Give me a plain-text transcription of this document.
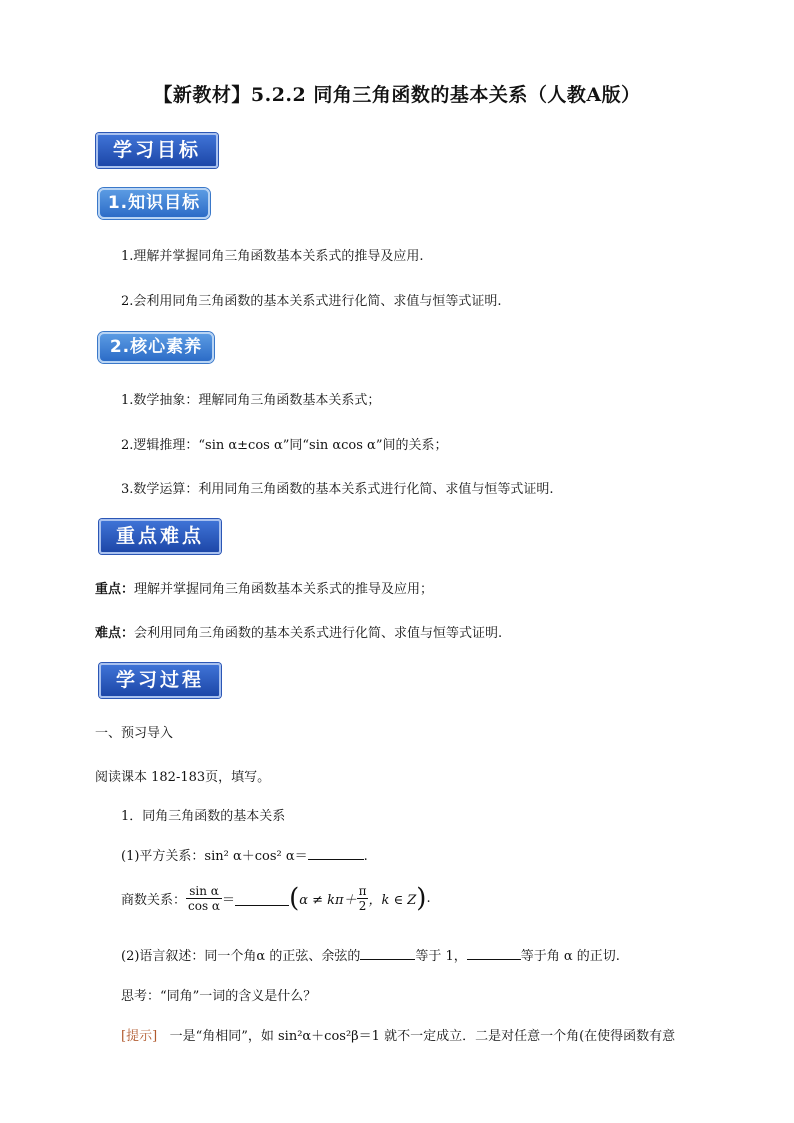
【新教材】5.2.2 同角三角函数的基本关系（人教A版）
学习目标
1.知识目标
1.理解并掌握同角三角函数基本关系式的推导及应用.
2.会利用同角三角函数的基本关系式进行化简、求值与恒等式证明.
2.核心素养
1.数学抽象：理解同角三角函数基本关系式；
2.逻辑推理：“sin α±cos α”同“sin αcos α”间的关系；
3.数学运算：利用同角三角函数的基本关系式进行化简、求值与恒等式证明.
重点难点
重点：理解并掌握同角三角函数基本关系式的推导及应用；
难点：会利用同角三角函数的基本关系式进行化简、求值与恒等式证明.
学习过程
一、预习导入
阅读课本 182-183页，填写。
1．同角三角函数的基本关系
(1)平方关系：sin² α＋cos² α＝	.
商数关系： $\frac{\text{sin α}}{\text{cos α}} = (\alpha \ne k\pi+ \frac{\pi}{2}$ ，k ∈ Z).
(2)语言叙述：同一个角α 的正弦、余弦的	等于 1，	等于角 α 的正切.
思考：“同角”一词的含义是什么？
[提示] 一是“角相同”，如 sin²α＋cos²β＝1 就不一定成立．二是对任意一个角(在使得函数有意
